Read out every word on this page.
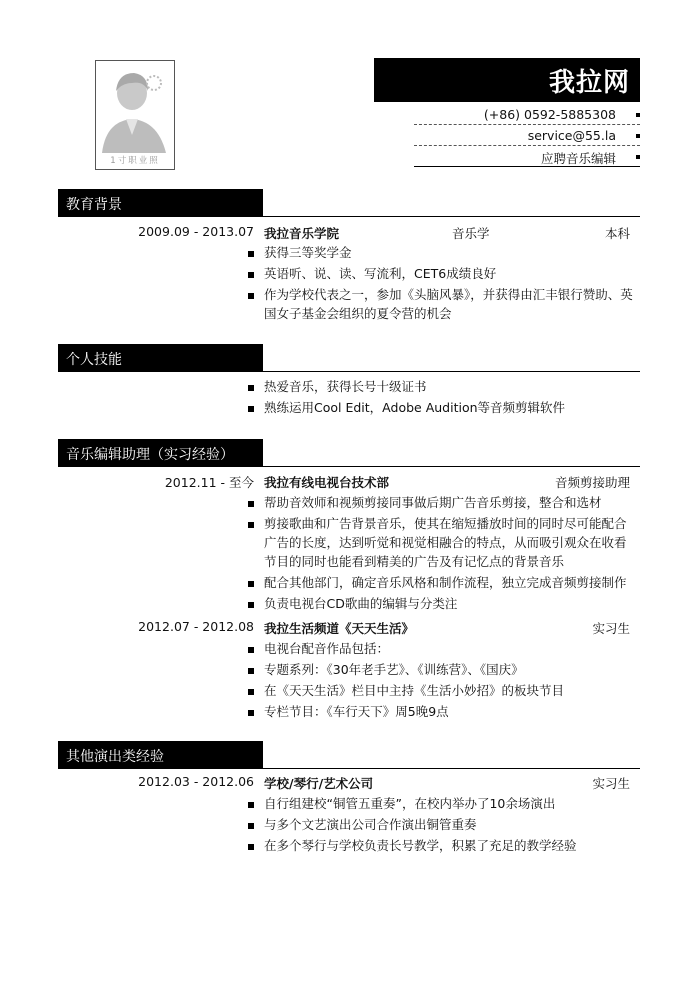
1寸职业照
我拉网
(+86) 0592-5885308
service@55.la
应聘音乐编辑
教育背景
2009.09 - 2013.07 我拉音乐学院	音乐学	本科
获得三等奖学金
英语听、说、读、写流利，CET6成绩良好
作为学校代表之一，参加《头脑风暴》，并获得由汇丰银行赞助、英国女子基金会组织的夏令营的机会
个人技能
热爱音乐，获得长号十级证书
熟练运用Cool Edit，Adobe Audition等音频剪辑软件
音乐编辑助理（实习经验）
2012.11 - 至今 我拉有线电视台技术部	音频剪接助理
帮助音效师和视频剪接同事做后期广告音乐剪接，整合和选材
剪接歌曲和广告背景音乐，使其在缩短播放时间的同时尽可能配合广告的长度，达到听觉和视觉相融合的特点，从而吸引观众在收看节目的同时也能看到精美的广告及有记忆点的背景音乐
配合其他部门，确定音乐风格和制作流程，独立完成音频剪接制作
负责电视台CD歌曲的编辑与分类注
2012.07 - 2012.08 我拉生活频道《天天生活》	实习生
电视台配音作品包括：
专题系列：《30年老手艺》、《训练营》、《国庆》
在《天天生活》栏目中主持《生活小妙招》的板块节目
专栏节目：《车行天下》周5晚9点
其他演出类经验
2012.03 - 2012.06 学校/琴行/艺术公司	实习生
自行组建校“铜管五重奏”，在校内举办了10余场演出
与多个文艺演出公司合作演出铜管重奏
在多个琴行与学校负责长号教学，积累了充足的教学经验
